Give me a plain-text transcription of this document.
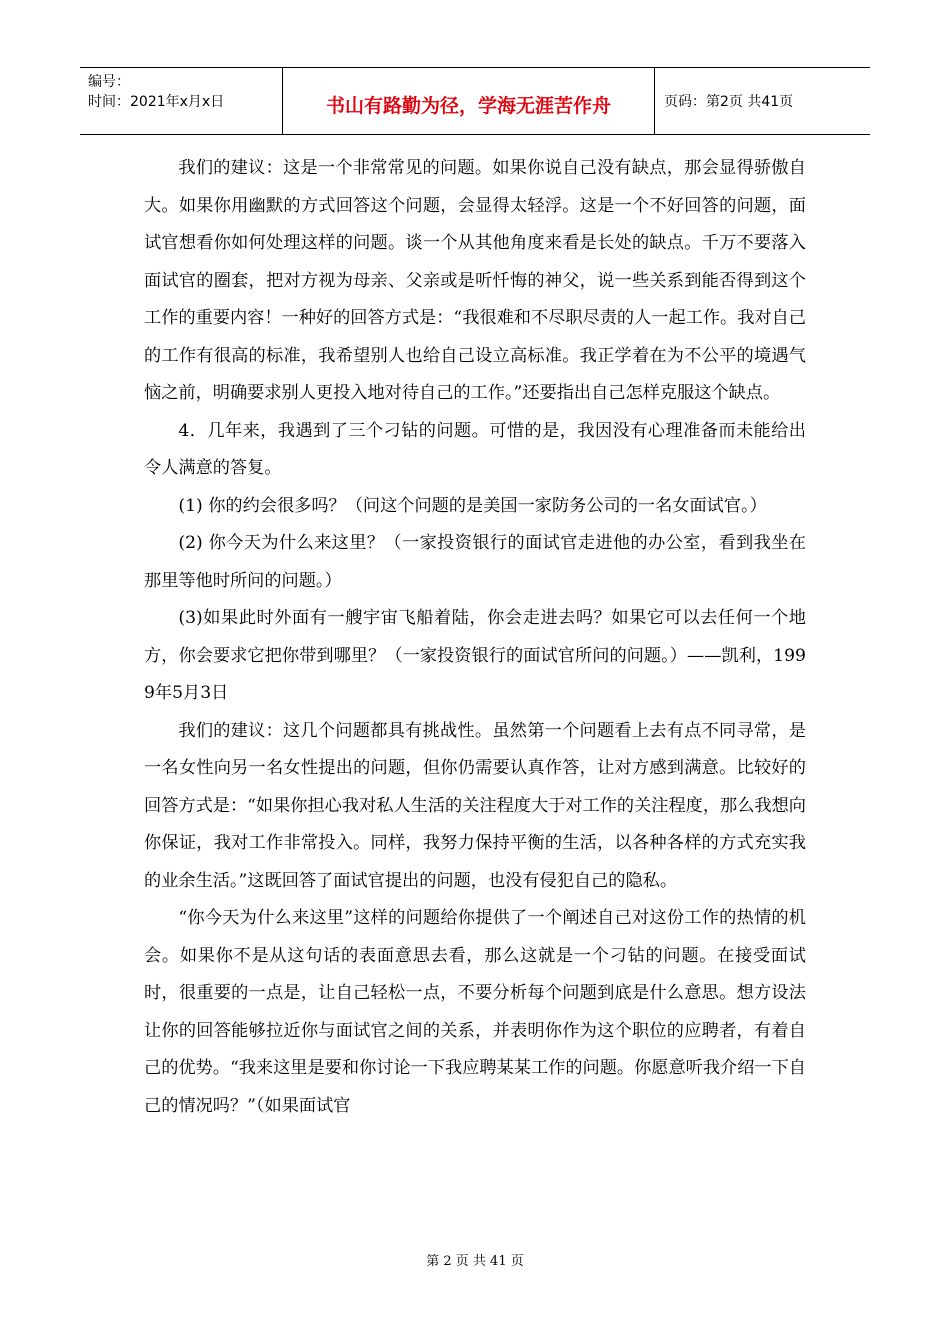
编号：
时间：2021年x月x日	书山有路勤为径，学海无涯苦作舟	页码：第2页 共41页

我们的建议：这是一个非常常见的问题。如果你说自己没有缺点，那会显得骄傲自大。如果你用幽默的方式回答这个问题，会显得太轻浮。这是一个不好回答的问题，面试官想看你如何处理这样的问题。谈一个从其他角度来看是长处的缺点。千万不要落入面试官的圈套，把对方视为母亲、父亲或是听忏悔的神父，说一些关系到能否得到这个工作的重要内容！一种好的回答方式是：“我很难和不尽职尽责的人一起工作。我对自己的工作有很高的标准，我希望别人也给自己设立高标准。我正学着在为不公平的境遇气恼之前，明确要求别人更投入地对待自己的工作。”还要指出自己怎样克服这个缺点。

4．几年来，我遇到了三个刁钻的问题。可惜的是，我因没有心理准备而未能给出令人满意的答复。

(1) 你的约会很多吗？（问这个问题的是美国一家防务公司的一名女面试官。）

(2) 你今天为什么来这里？（一家投资银行的面试官走进他的办公室，看到我坐在那里等他时所问的问题。）

(3)如果此时外面有一艘宇宙飞船着陆，你会走进去吗？如果它可以去任何一个地方，你会要求它把你带到哪里？（一家投资银行的面试官所问的问题。）——凯利，1999年5月3日

我们的建议：这几个问题都具有挑战性。虽然第一个问题看上去有点不同寻常，是一名女性向另一名女性提出的问题，但你仍需要认真作答，让对方感到满意。比较好的回答方式是：“如果你担心我对私人生活的关注程度大于对工作的关注程度，那么我想向你保证，我对工作非常投入。同样，我努力保持平衡的生活，以各种各样的方式充实我的业余生活。”这既回答了面试官提出的问题，也没有侵犯自己的隐私。

“你今天为什么来这里”这样的问题给你提供了一个阐述自己对这份工作的热情的机会。如果你不是从这句话的表面意思去看，那么这就是一个刁钻的问题。在接受面试时，很重要的一点是，让自己轻松一点，不要分析每个问题到底是什么意思。想方设法让你的回答能够拉近你与面试官之间的关系，并表明你作为这个职位的应聘者，有着自己的优势。“我来这里是要和你讨论一下我应聘某某工作的问题。你愿意听我介绍一下自己的情况吗？”（如果面试官

第 2 页 共 41 页
